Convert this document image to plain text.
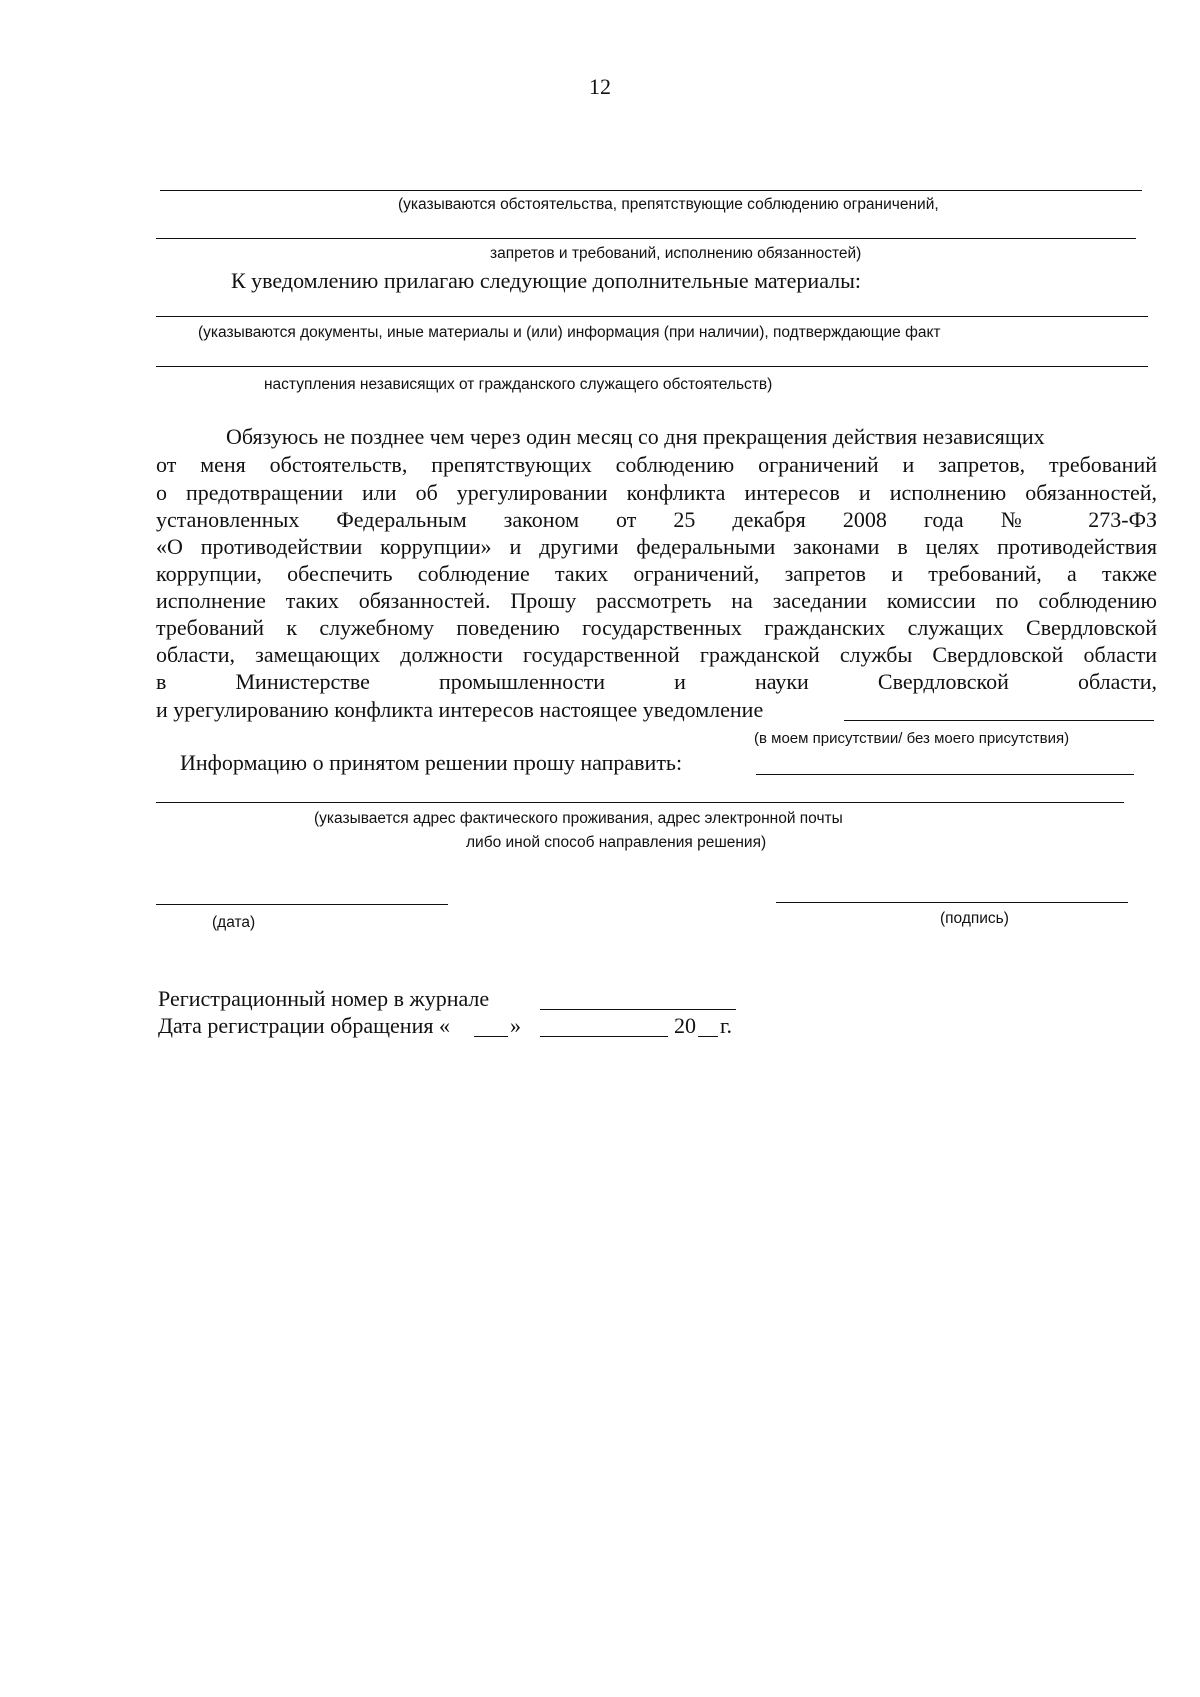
12
(указываются обстоятельства, препятствующие соблюдению ограничений,
запретов и требований, исполнению обязанностей)
К уведомлению прилагаю следующие дополнительные материалы:
(указываются документы, иные материалы и (или) информация (при наличии), подтверждающие факт
наступления независящих от гражданского служащего обстоятельств)
Обязуюсь не позднее чем через один месяц со дня прекращения действия независящих
от меня обстоятельств, препятствующих соблюдению ограничений и запретов, требований
о предотвращении или об урегулировании конфликта интересов и исполнению обязанностей,
установленных Федеральным законом от 25 декабря 2008 года № 273-ФЗ
«О противодействии коррупции» и другими федеральными законами в целях противодействия
коррупции, обеспечить соблюдение таких ограничений, запретов и требований, а также
исполнение таких обязанностей. Прошу рассмотреть на заседании комиссии по соблюдению
требований к служебному поведению государственных гражданских служащих Свердловской
области, замещающих должности государственной гражданской службы Свердловской области
в Министерстве промышленности и науки Свердловской области,
и урегулированию конфликта интересов настоящее уведомление
(в моем присутствии/ без моего присутствия)
Информацию о принятом решении прошу направить:
(указывается адрес фактического проживания, адрес электронной почты
либо иной способ направления решения)
(дата)	(подпись)
Регистрационный номер в журнале
Дата регистрации обращения «	»	20 г.
